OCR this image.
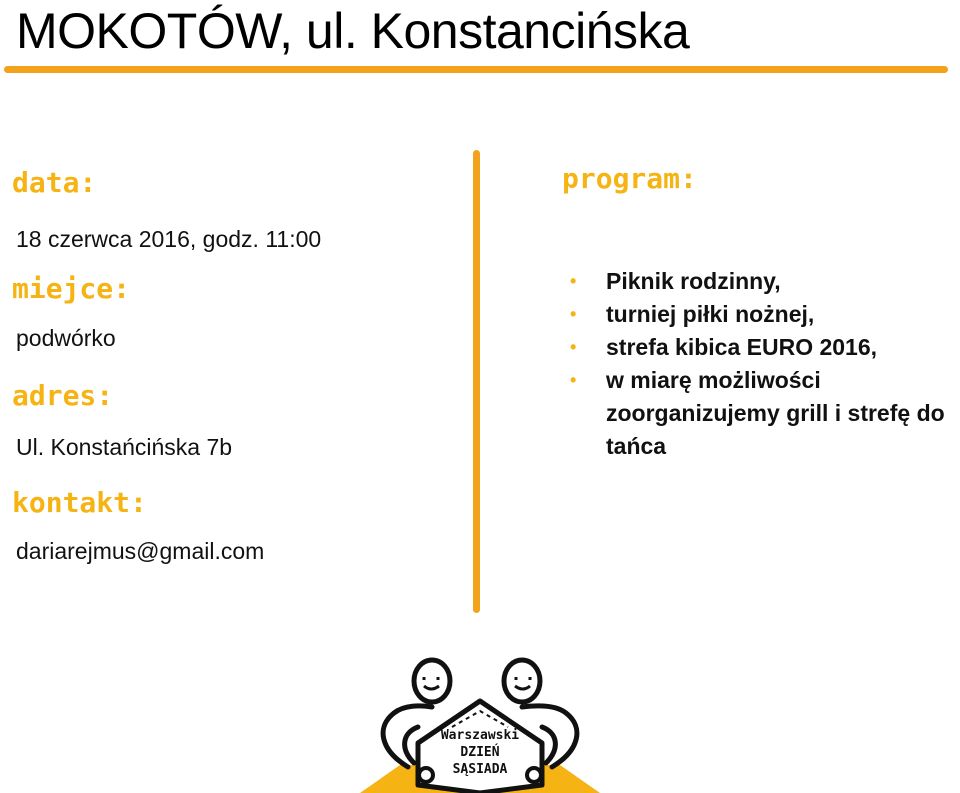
MOKOTÓW, ul. Konstancińska
data:
18 czerwca 2016, godz. 11:00
miejce:
podwórko
adres:
Ul. Konstańcińska 7b
kontakt:
dariarejmus@gmail.com
program:
• Piknik rodzinny,
• turniej piłki nożnej,
• strefa kibica EURO 2016,
• w miarę możliwości zoorganizujemy grill i strefę do tańca
Warszawski
DZIEŃ
SĄSIADA
